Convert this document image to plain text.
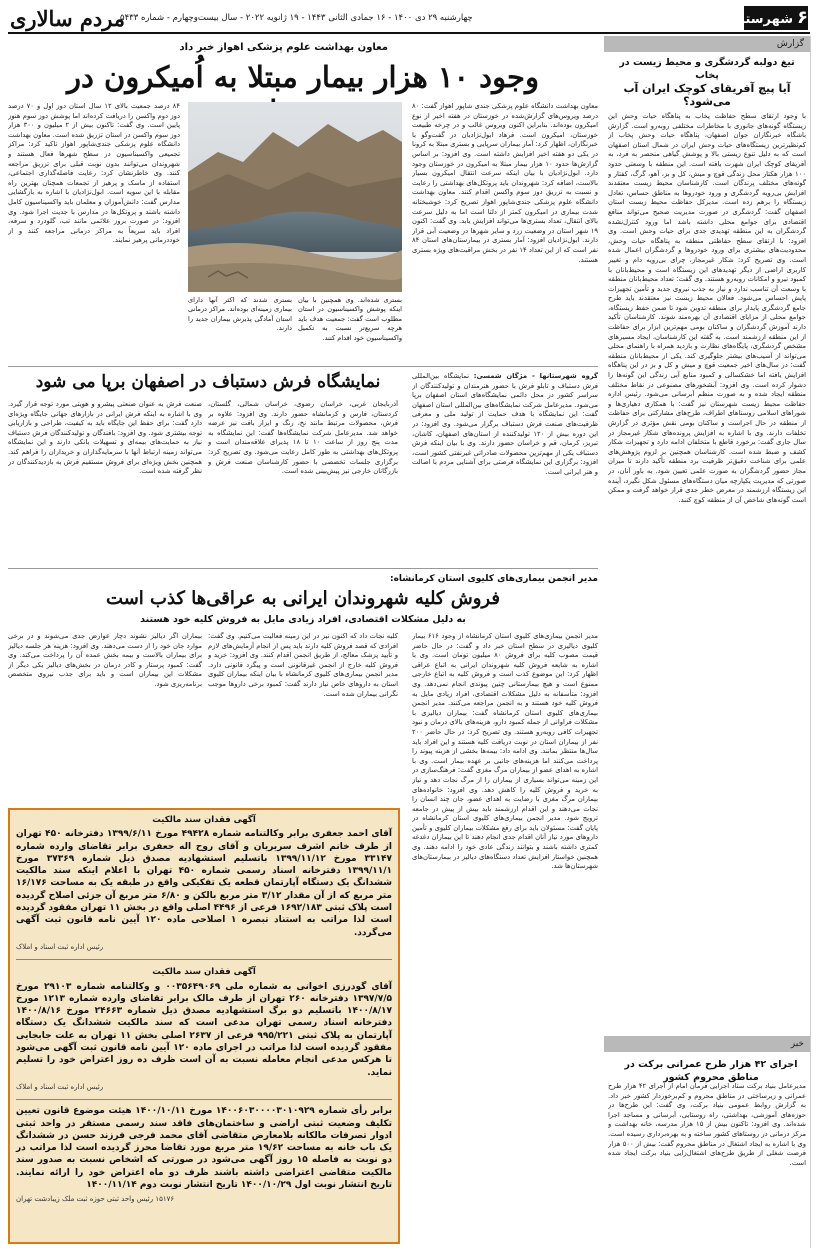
مردم سالاری
چهارشنبه ۲۹ دی ۱۴۰۰ - ۱۶ جمادی الثانی ۱۴۴۳ - ۱۹ ژانویه ۲۰۲۲ - سال بیست‌وچهارم - شماره ۵۴۳۳	۶شهرستانها
معاون بهداشت علوم پزشکی اهواز خبر داد
وجود ۱۰ هزار بیمار مبتلا به اُمیکرون در
معاون بهداشت دانشگاه علوم پزشکی جندی شاپور اهواز گفت: ۸۰ درصد ویروس‌های گزارش‌شده در خوزستان در هفته اخیر از نوع امیکرون بوده‌اند. بنابراین اکنون ویروس غالب و در چرخه طبیعت خوزستان، امیکرون است. فرهاد ابول‌نژادیان در گفت‌وگو با خبرنگاران، اظهار کرد: آمار بیماران سرپایی و بستری مبتلا به کرونا در یکی دو هفته اخیر افزایش داشته است. وی افزود: بر اساس گزارش‌ها حدود ۱۰ هزار بیمار مبتلا به امیکرون در خوزستان وجود دارد. ابول‌نژادیان با بیان اینکه سرعت انتقال امیکرون بسیار بالاست، اضافه کرد: شهروندان باید پروتکل‌های بهداشتی را رعایت و نسبت به تزریق دوز سوم واکسن اقدام کنند. معاون بهداشت دانشگاه علوم پزشکی جندی‌شاپور اهواز تصریح کرد: خوشبختانه شدت بیماری در امیکرون کمتر از دلتا است اما به دلیل سرعت بالای انتقال، تعداد بستری‌ها می‌تواند افزایش یابد. وی گفت: اکنون ۱۹ شهر استان در وضعیت زرد و سایر شهرها در وضعیت آبی قرار دارند. ابول‌نژادیان افزود: آمار بستری در بیمارستان‌های استان ۸۴ نفر است که از این تعداد ۱۴ نفر در بخش مراقبت‌های ویژه بستری هستند.
بستری شده‌اند. وی همچنین با بیان اینکه پوشش واکسیناسیون در استان مطلوب است گفت: جمعیت هدف باید هرچه سریع‌تر نسبت به تکمیل واکسیناسیون خود اقدام کنند.
بستری شدند که اکثر آنها دارای بیماری زمینه‌ای بوده‌اند. مراکز درمانی استان آمادگی پذیرش بیماران جدید را دارند.
۸۴ درصد جمعیت بالای ۱۲ سال استان دوز اول و ۷۰ درصد دوز دوم واکسن را دریافت کرده‌اند اما پوشش دوز سوم هنوز پایین است. وی گفت: تاکنون بیش از ۲ میلیون و ۳۰۰ هزار دوز سوم واکسن در استان تزریق شده است. معاون بهداشت دانشگاه علوم پزشکی جندی‌شاپور اهواز تاکید کرد: مراکز تجمیعی واکسیناسیون در سطح شهرها فعال هستند و شهروندان می‌توانند بدون نوبت قبلی برای تزریق مراجعه کنند. وی خاطرنشان کرد: رعایت فاصله‌گذاری اجتماعی، استفاده از ماسک و پرهیز از تجمعات همچنان بهترین راه مقابله با این سویه است. ابول‌نژادیان با اشاره به بازگشایی مدارس گفت: دانش‌آموزان و معلمان باید واکسیناسیون کامل داشته باشند و پروتکل‌ها در مدارس با جدیت اجرا شود. وی افزود: در صورت بروز علائمی مانند تب، گلودرد و سرفه، افراد باید سریعاً به مراکز درمانی مراجعه کنند و از خوددرمانی پرهیز نمایند.
نمایشگاه فرش دستباف در اصفهان برپا می شود	گروه شهرستانها - مژگان شمسی: نمایشگاه بین‌المللی فرش دستباف و تابلو فرش با حضور هنرمندان و تولیدکنندگان از سراسر کشور در محل دائمی نمایشگاه‌های استان اصفهان برپا می‌شود. مدیرعامل شرکت نمایشگاه‌های بین‌المللی استان اصفهان گفت: این نمایشگاه با هدف حمایت از تولید ملی و معرفی ظرفیت‌های صنعت فرش دستباف برگزار می‌شود. وی افزود: در این دوره بیش از ۱۲۰ تولیدکننده از استان‌های اصفهان، کاشان، تبریز، کرمان، قم و خراسان حضور دارند. وی با بیان اینکه فرش دستباف یکی از مهم‌ترین محصولات صادراتی غیرنفتی کشور است، افزود: برگزاری این نمایشگاه فرصتی برای آشنایی مردم با اصالت و هنر ایرانی است.
آذربایجان غربی، خراسان رضوی، خراسان شمالی، گلستان، کردستان، فارس و کرمانشاه حضور دارند. وی افزود: علاوه بر فرش، محصولات مرتبط مانند نخ، رنگ و ابزار بافت نیز عرضه خواهد شد. مدیرعامل شرکت نمایشگاه‌ها گفت: این نمایشگاه به مدت پنج روز از ساعت ۱۰ تا ۱۸ پذیرای علاقه‌مندان است و پروتکل‌های بهداشتی به طور کامل رعایت می‌شود. وی تصریح کرد: برگزاری جلسات تخصصی با حضور کارشناسان صنعت فرش و بازرگانان خارجی نیز پیش‌بینی شده است.
صنعت فرش به عنوان صنعتی پیشرو و هویتی مورد توجه قرار گیرد. وی با اشاره به اینکه فرش ایرانی در بازارهای جهانی جایگاه ویژه‌ای دارد گفت: برای حفظ این جایگاه باید به کیفیت، طراحی و بازاریابی توجه بیشتری شود. وی افزود: بافندگان و تولیدکنندگان فرش دستباف نیاز به حمایت‌های بیمه‌ای و تسهیلات بانکی دارند و این نمایشگاه می‌تواند زمینه ارتباط آنها با سرمایه‌گذاران و خریداران را فراهم کند. همچنین بخش ویژه‌ای برای فروش مستقیم فرش به بازدیدکنندگان در نظر گرفته شده است.
مدیر انجمن بیماری‌های کلیوی استان کرمانشاه:
فروش کلیه شهروندان ایرانی به عراقی‌ها کذب است
به دلیل مشکلات اقتصادی، افراد زیادی مایل به فروش کلیه خود هستند
مدیر انجمن بیماری‌های کلیوی استان کرمانشاه از وجود ۶۱۶ بیمار کلیوی دیالیزی در سطح استان خبر داد و گفت: در حال حاضر قیمت مصوب کلیه برای فروش ۸۰ میلیون تومان است. وی با اشاره به شایعه فروش کلیه شهروندان ایرانی به اتباع عراقی اظهار کرد: این موضوع کذب است و فروش کلیه به اتباع خارجی ممنوع است و هیچ بیمارستانی چنین پیوندی انجام نمی‌دهد. وی افزود: متأسفانه به دلیل مشکلات اقتصادی، افراد زیادی مایل به فروش کلیه خود هستند و به انجمن مراجعه می‌کنند. مدیر انجمن بیماری‌های کلیوی استان کرمانشاه گفت: بیماران دیالیزی با مشکلات فراوانی از جمله کمبود دارو، هزینه‌های بالای درمان و نبود تجهیزات کافی روبه‌رو هستند. وی تصریح کرد: در حال حاضر ۲۰۰ نفر از بیماران استان در نوبت دریافت کلیه هستند و این افراد باید سال‌ها منتظر بمانند. وی ادامه داد: بیمه‌ها بخشی از هزینه پیوند را پرداخت می‌کنند اما هزینه‌های جانبی بر عهده بیمار است. وی با اشاره به اهدای عضو از بیماران مرگ مغزی گفت: فرهنگ‌سازی در این زمینه می‌تواند بسیاری از بیماران را از مرگ نجات دهد و نیاز به خرید و فروش کلیه را کاهش دهد. وی افزود: خانواده‌های بیماران مرگ مغزی با رضایت به اهدای عضو، جان چند انسان را نجات می‌دهند و این اقدام ارزشمند باید بیش از پیش در جامعه ترویج شود. مدیر انجمن بیماری‌های کلیوی استان کرمانشاه در پایان گفت: مسئولان باید برای رفع مشکلات بیماران کلیوی و تأمین داروهای مورد نیاز آنان اقدام جدی انجام دهند تا این بیماران دغدغه کمتری داشته باشند و بتوانند زندگی عادی خود را ادامه دهند. وی همچنین خواستار افزایش تعداد دستگاه‌های دیالیز در بیمارستان‌های شهرستان‌ها شد.
کلیه نجات داد که اکنون نیز در این زمینه فعالیت می‌کنیم. وی گفت: افرادی که قصد فروش کلیه دارند باید پس از انجام آزمایش‌های لازم و تأیید پزشک معالج، از طریق انجمن اقدام کنند. وی افزود: خرید و فروش کلیه خارج از انجمن غیرقانونی است و پیگرد قانونی دارد. مدیر انجمن بیماری‌های کلیوی کرمانشاه با بیان اینکه بیماران کلیوی استان به داروهای خاص نیاز دارند گفت: کمبود برخی داروها موجب نگرانی بیماران شده است.
بیماران اگر دیالیز نشوند دچار عوارض جدی می‌شوند و در برخی موارد جان خود را از دست می‌دهند. وی افزود: هزینه هر جلسه دیالیز برای بیماران بالاست و بیمه بخش عمده آن را پرداخت می‌کند. وی گفت: کمبود پرستار و کادر درمان در بخش‌های دیالیز یکی دیگر از مشکلات این بیماران است و باید برای جذب نیروی متخصص برنامه‌ریزی شود.
آگهی فقدان سند مالکیت
آقای احمد جعفری برابر وکالتنامه شماره ۴۹۴۲۸ مورخ ۱۳۹۹/۶/۱۱ دفترخانه ۴۵۰ تهران از طرف خانم اشرف سریریان و آقای روح اله جعفری برابر تقاضای وارده شماره ۳۳۱۴۷ مورخ ۱۳۹۹/۱۱/۱۲ باتسلیم استشهادیه مصدق ذیل شماره ۳۷۳۶۹ مورخ ۱۳۹۹/۱۱/۱ دفترخانه اسناد رسمی شماره ۴۵۰ تهران با اعلام اینکه سند مالکیت ششدانگ یک دستگاه آپارتمان قطعه یک تفکیکی واقع در طبقه یک به مساحت ۱۶/۱۷۶ متر مربع که از آن مقدار ۳/۱۲ متر مربع بالکن و ۶/۸۰ متر مربع آن جزئی اصلاح گردیده است پلاک ثبتی ۱۶۹۲/۱۸۳ فرعی از ۴۴۹۶ اصلی واقع در بخش ۱۱ تهران مفقود گردیده است لذا مراتب به استناد تبصره ۱ اصلاحی ماده ۱۲۰ آیین نامه قانون ثبت آگهی می‌گردد.
رئیس اداره ثبت اسناد و املاک
آگهی فقدان سند مالکیت
آقای گودرزی اخوانی به شماره ملی ۰۰۳۵۶۴۹۰۶۹ و وکالتنامه شماره ۲۹۱۰۳ مورخ ۱۳۹۷/۷/۵ دفترخانه ۲۶۰ تهران از طرف مالک برابر تقاضای وارده شماره ۱۲۱۳ مورخ ۱۴۰۰/۸/۱۷ باتسلیم دو برگ استشهادیه مصدق ذیل شماره ۲۴۶۶۳ مورخ ۱۴۰۰/۸/۱۶ دفترخانه اسناد رسمی تهران مدعی است که سند مالکیت ششدانگ یک دستگاه آپارتمان به پلاک ثبتی ۹۹۵/۲۲۱ فرعی از ۲۶۳۷ اصلی بخش ۱۱ تهران به علت جابجایی مفقود گردیده است لذا مراتب در اجرای ماده ۱۲۰ آیین نامه قانون ثبت آگهی می‌شود تا هرکس مدعی انجام معامله نسبت به آن است ظرف ده روز اعتراض خود را تسلیم نماید.
رئیس اداره ثبت اسناد و املاک
برابر رأی شماره ۱۴۰۰۶۰۳۰۰۰۰۳۰۱۰۹۲۹ مورخ ۱۴۰۰/۱۰/۱۱ هیئت موضوع قانون تعیین تکلیف وضعیت ثبتی اراضی و ساختمان‌های فاقد سند رسمی مستقر در واحد ثبتی ادوار تصرفات مالکانه بلامعارض متقاضی آقای محمد فرجی فرزند حسن در ششدانگ یک باب خانه به مساحت ۱۹/۶۲ متر مربع مورد تقاضا محرز گردیده است لذا مراتب در دو نوبت به فاصله ۱۵ روز آگهی می‌شود در صورتی که اشخاص نسبت به صدور سند مالکیت متقاضی اعتراضی داشته باشند ظرف دو ماه اعتراض خود را ارائه نمایند. تاریخ انتشار نوبت اول ۱۴۰۰/۱۰/۲۹ تاریخ انتشار نوبت دوم ۱۴۰۰/۱۱/۱۴
۱۵۱۷۶ رئیس واحد ثبتی حوزه ثبت ملک زیبادشت تهران
گزارش
تیغ دولبه گردشگری و محیط زیست در پخاب
آیا پیچ آفریقای کوچک ایران آب می‌شود؟
با وجود ارتقای سطح حفاظت پخاب به پناهگاه حیات وحش این زیستگاه گونه‌های جانوری با مخاطرات مختلفی روبه‌رو است. گزارش باشگاه خبرنگاران جوان اصفهان، پناهگاه حیات وحش پخاب از کم‌نظیرترین زیستگاه‌های حیات وحش ایران در شمال استان اصفهان است که به دلیل تنوع زیستی بالا و پوشش گیاهی منحصر به فرد، به آفریقای کوچک ایران شهرت یافته است. این منطقه با وسعتی حدود ۱۰۰ هزار هکتار محل زندگی قوچ و میش، کل و بز، آهو، گرگ، کفتار و گونه‌های مختلف پرندگان است. کارشناسان محیط زیست معتقدند افزایش بی‌رویه گردشگری و ورود خودروها به مناطق حساس، تعادل زیستگاه را برهم زده است. مدیرکل حفاظت محیط زیست استان اصفهان گفت: گردشگری در صورت مدیریت صحیح می‌تواند منافع اقتصادی برای جوامع محلی داشته باشد اما ورود کنترل‌نشده گردشگران به این منطقه تهدیدی جدی برای حیات وحش است. وی افزود: با ارتقای سطح حفاظتی منطقه به پناهگاه حیات وحش، محدودیت‌های بیشتری برای ورود خودروها و گردشگران اعمال شده است. وی تصریح کرد: شکار غیرمجاز، چرای بی‌رویه دام و تغییر کاربری اراضی از دیگر تهدیدهای این زیستگاه است و محیط‌بانان با کمبود نیرو و امکانات روبه‌رو هستند. وی گفت: تعداد محیط‌بانان منطقه با وسعت آن تناسب ندارد و نیاز به جذب نیروی جدید و تأمین تجهیزات پایش احساس می‌شود. فعالان محیط زیست نیز معتقدند باید طرح جامع گردشگری پایدار برای منطقه تدوین شود تا ضمن حفظ زیستگاه، جوامع محلی از مزایای اقتصادی آن بهره‌مند شوند. کارشناسان تأکید دارند آموزش گردشگران و ساکنان بومی مهم‌ترین ابزار برای حفاظت از این منطقه ارزشمند است. به گفته این کارشناسان، ایجاد مسیرهای مشخص گردشگری، پایگاه‌های نظارت و بازدید همراه با راهنمای محلی می‌تواند از آسیب‌های بیشتر جلوگیری کند. یکی از محیط‌بانان منطقه گفت: در سال‌های اخیر جمعیت قوچ و میش و کل و بز در این پناهگاه افزایش یافته اما خشکسالی و کمبود منابع آبی زندگی این گونه‌ها را دشوار کرده است. وی افزود: آبشخورهای مصنوعی در نقاط مختلف منطقه ایجاد شده و به صورت منظم آبرسانی می‌شود. رئیس اداره حفاظت محیط زیست شهرستان نیز گفت: با همکاری دهیاری‌ها و شوراهای اسلامی روستاهای اطراف، طرح‌های مشارکتی برای حفاظت از منطقه در حال اجراست و ساکنان بومی نقش مؤثری در گزارش تخلفات دارند. وی با اشاره به افزایش پرونده‌های شکار غیرمجاز در سال جاری گفت: برخورد قاطع با متخلفان ادامه دارد و تجهیزات شکار کشف و ضبط شده است. کارشناسان همچنین بر لزوم پژوهش‌های علمی برای شناخت دقیق‌تر ظرفیت برد منطقه تأکید دارند تا میزان مجاز حضور گردشگران به صورت علمی تعیین شود. به باور آنان، در صورتی که مدیریت یکپارچه میان دستگاه‌های مسئول شکل نگیرد، آینده این زیستگاه ارزشمند در معرض خطر جدی قرار خواهد گرفت و ممکن است گونه‌های شاخص آن از منطقه کوچ کنند.
خبر
اجرای ۴۲ هزار طرح عمرانی برکت در مناطق محروم کشور
مدیرعامل بنیاد برکت ستاد اجرایی فرمان امام از اجرای ۴۲ هزار طرح عمرانی و زیرساختی در مناطق محروم و کم‌برخوردار کشور خبر داد. به گزارش روابط عمومی بنیاد برکت، وی گفت: این طرح‌ها در حوزه‌های آموزشی، بهداشتی، راه روستایی، آبرسانی و مساجد اجرا شده‌اند. وی افزود: تاکنون بیش از ۱۵ هزار مدرسه، خانه بهداشت و مرکز درمانی در روستاهای کشور ساخته و به بهره‌برداری رسیده است. وی با اشاره به ایجاد اشتغال در مناطق محروم گفت: بیش از ۵۰۰ هزار فرصت شغلی از طریق طرح‌های اشتغال‌زایی بنیاد برکت ایجاد شده است.
